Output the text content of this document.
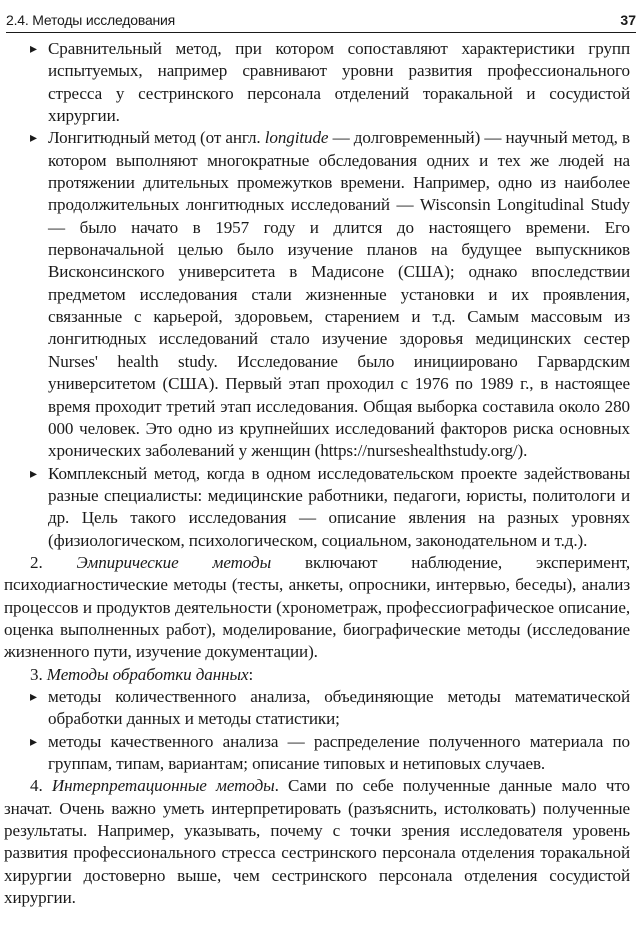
2.4. Методы исследования	37

▸ Сравнительный метод, при котором сопоставляют характеристики групп испытуемых, например сравнивают уровни развития профессионального стресса у сестринского персонала отделений торакальной и сосудистой хирургии.

▸ Лонгитюдный метод (от англ. longitude — долговременный) — научный метод, в котором выполняют многократные обследования одних и тех же людей на протяжении длительных промежутков времени. Например, одно из наиболее продолжительных лонгитюдных исследований — Wisconsin Longitudinal Study — было начато в 1957 году и длится до настоящего времени. Его первоначальной целью было изучение планов на будущее выпускников Висконсинского университета в Мадисоне (США); однако впоследствии предметом исследования стали жизненные установки и их проявления, связанные с карьерой, здоровьем, старением и т.д. Самым массовым из лонгитюдных исследований стало изучение здоровья медицинских сестер Nurses' health study. Исследование было инициировано Гарвардским университетом (США). Первый этап проходил с 1976 по 1989 г., в настоящее время проходит третий этап исследования. Общая выборка составила около 280 000 человек. Это одно из крупнейших исследований факторов риска основных хронических заболеваний у женщин (https://nurseshealthstudy.org/).

▸ Комплексный метод, когда в одном исследовательском проекте задействованы разные специалисты: медицинские работники, педагоги, юристы, политологи и др. Цель такого исследования — описание явления на разных уровнях (физиологическом, психологическом, социальном, законодательном и т.д.).

2. Эмпирические методы включают наблюдение, эксперимент, психодиагностические методы (тесты, анкеты, опросники, интервью, беседы), анализ процессов и продуктов деятельности (хронометраж, профессиографическое описание, оценка выполненных работ), моделирование, биографические методы (исследование жизненного пути, изучение документации).

3. Методы обработки данных:

▸ методы количественного анализа, объединяющие методы математической обработки данных и методы статистики;

▸ методы качественного анализа — распределение полученного материала по группам, типам, вариантам; описание типовых и нетиповых случаев.

4. Интерпретационные методы. Сами по себе полученные данные мало что значат. Очень важно уметь интерпретировать (разъяснить, истолковать) полученные результаты. Например, указывать, почему с точки зрения исследователя уровень развития профессионального стресса сестринского персонала отделения торакальной хирургии достоверно выше, чем сестринского персонала отделения сосудистой хирургии.
